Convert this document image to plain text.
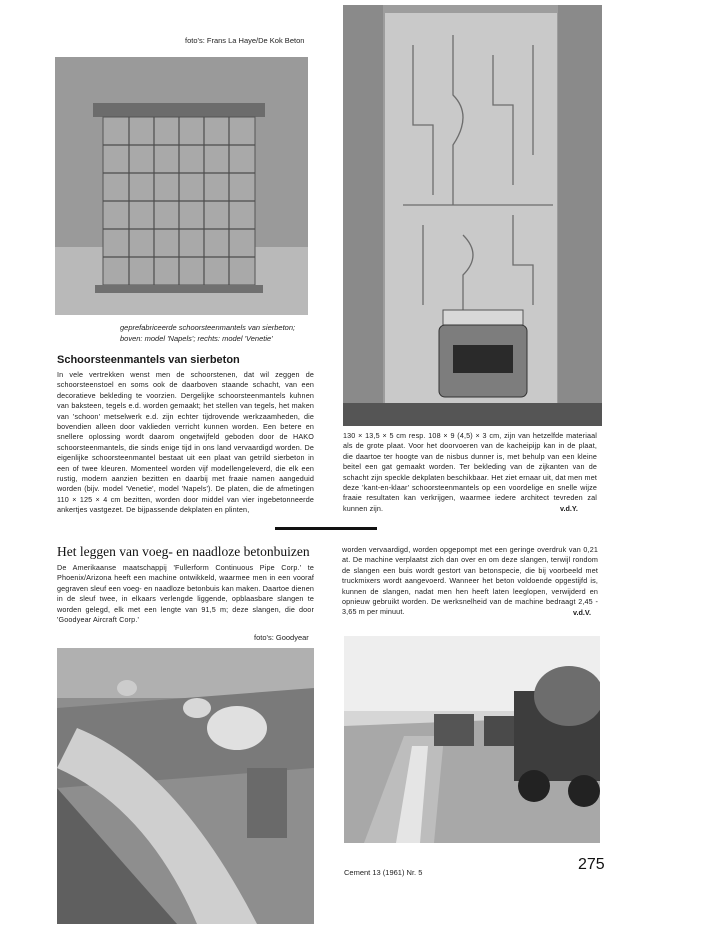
foto's: Frans La Haye/De Kok Beton
geprefabriceerde schoorsteenmantels van sierbeton;
boven: model 'Napels'; rechts: model 'Venetie'
Schoorsteenmantels van sierbeton

In vele vertrekken wenst men de schoorstenen, dat wil zeggen de schoorsteenstoel en soms ook de daarboven staande schacht, van een decoratieve bekleding te voorzien. Dergelijke schoorsteenmantels kuhnen van baksteen, tegels e.d. worden gemaakt; het stellen van tegels, het maken van 'schoon' metselwerk e.d. zijn echter tijdrovende werkzaamheden, die bovendien alleen door vaklieden verricht kunnen worden. Een betere en snellere oplossing wordt daarom ongetwijfeld geboden door de HAKO schoorsteenmantels, die sinds enige tijd in ons land vervaardigd worden. De eigenlijke schoorsteenmantel bestaat uit een plaat van getrild sierbeton in een of twee kleuren. Momenteel worden vijf modellengeleverd, die elk een rustig, modern aanzien bezitten en daarbij met fraaie namen aangeduid worden (bijv. model 'Venetie', model 'Napels'). De platen, die de afmetingen 110 × 125 × 4 cm bezitten, worden door middel van vier ingebetonneerde ankertjes vastgezet. De bijpassende dekplaten en plinten,

130 × 13,5 × 5 cm resp. 108 × 9 (4,5) × 3 cm, zijn van hetzelfde materiaal als de grote plaat. Voor het doorvoeren van de kacheipijp kan in de plaat, die daartoe ter hoogte van de nisbus dunner is, met behulp van een kleine beitel een gat gemaakt worden. Ter bekleding van de zijkanten van de schacht zijn speckle dekplaten beschikbaar. Het ziet ernaar uit, dat men met deze 'kant-en-klaar' schoorsteenmantels op een voordelige en snelle wijze fraaie resultaten kan verkrijgen, waarmee iedere architect tevreden zal kunnen zijn.	v.d.Y.
Het leggen van voeg- en naadloze betonbuizen

De Amerikaanse maatschappij 'Fullerform Continuous Pipe Corp.' te Phoenix/Arizona heeft een machine ontwikkeld, waarmee men in een vooraf gegraven sleuf een voeg- en naadloze betonbuis kan maken. Daartoe dienen in de sleuf twee, in elkaars verlengde liggende, opblaasbare slangen te worden gelegd, elk met een lengte van 91,5 m; deze slangen, die door 'Goodyear Aircraft Corp.'

foto's: Goodyear

worden vervaardigd, worden opgepompt met een geringe overdruk van 0,21 at. De machine verplaatst zich dan over en om deze slangen, terwijl rondom de slangen een buis wordt gestort van betonspecie, die bij voorbeeld met truckmixers wordt aangevoerd. Wanneer het beton voldoende opgestijfd is, kunnen de slangen, nadat men hen heeft laten leeglopen, verwijderd en opnieuw gebruikt worden. De werksnelheid van de machine bedraagt 2,45 - 3,65 m per minuut.	v.d.V.
Cement 13 (1961) Nr. 5	275
